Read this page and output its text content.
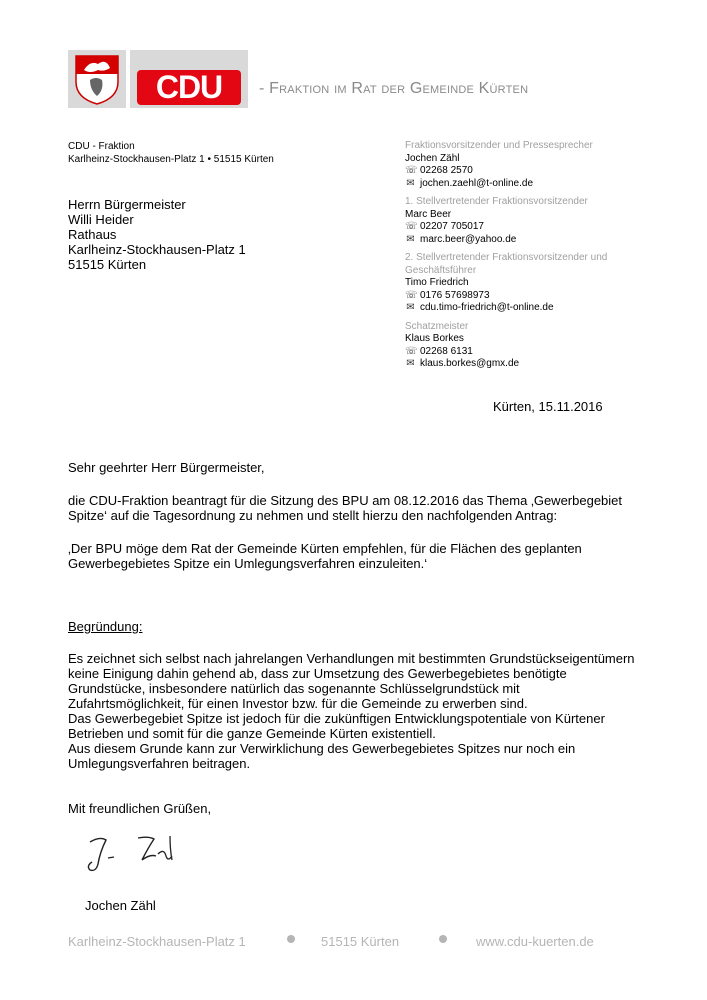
CDU	- Fraktion im Rat der Gemeinde Kürten
CDU - Fraktion
Karlheinz-Stockhausen-Platz 1 • 51515 Kürten
Herrn Bürgermeister
Willi Heider
Rathaus
Karlheinz-Stockhausen-Platz 1
51515 Kürten
Fraktionsvorsitzender und Pressesprecher
Jochen Zähl
☏ 02268 2570
✉ jochen.zaehl@t-online.de
1. Stellvertretender Fraktionsvorsitzender
Marc Beer
☏ 02207 705017
✉ marc.beer@yahoo.de
2. Stellvertretender Fraktionsvorsitzender und Geschäftsführer
Timo Friedrich
☏ 0176 57698973
✉ cdu.timo-friedrich@t-online.de
Schatzmeister
Klaus Borkes
☏ 02268 6131
✉ klaus.borkes@gmx.de
Kürten, 15.11.2016
Sehr geehrter Herr Bürgermeister,
die CDU-Fraktion beantragt für die Sitzung des BPU am 08.12.2016 das Thema ‚Gewerbegebiet
Spitze‘ auf die Tagesordnung zu nehmen und stellt hierzu den nachfolgenden Antrag:
‚Der BPU möge dem Rat der Gemeinde Kürten empfehlen, für die Flächen des geplanten
Gewerbegebietes Spitze ein Umlegungsverfahren einzuleiten.‘
Begründung:
Es zeichnet sich selbst nach jahrelangen Verhandlungen mit bestimmten Grundstückseigentümern
keine Einigung dahin gehend ab, dass zur Umsetzung des Gewerbegebietes benötigte
Grundstücke, insbesondere natürlich das sogenannte Schlüsselgrundstück mit
Zufahrtsmöglichkeit, für einen Investor bzw. für die Gemeinde zu erwerben sind.
Das Gewerbegebiet Spitze ist jedoch für die zukünftigen Entwicklungspotentiale von Kürtener
Betrieben und somit für die ganze Gemeinde Kürten existentiell.
Aus diesem Grunde kann zur Verwirklichung des Gewerbegebietes Spitzes nur noch ein
Umlegungsverfahren beitragen.
Mit freundlichen Grüßen,
Jochen Zähl
Karlheinz-Stockhausen-Platz 1	51515 Kürten	www.cdu-kuerten.de
